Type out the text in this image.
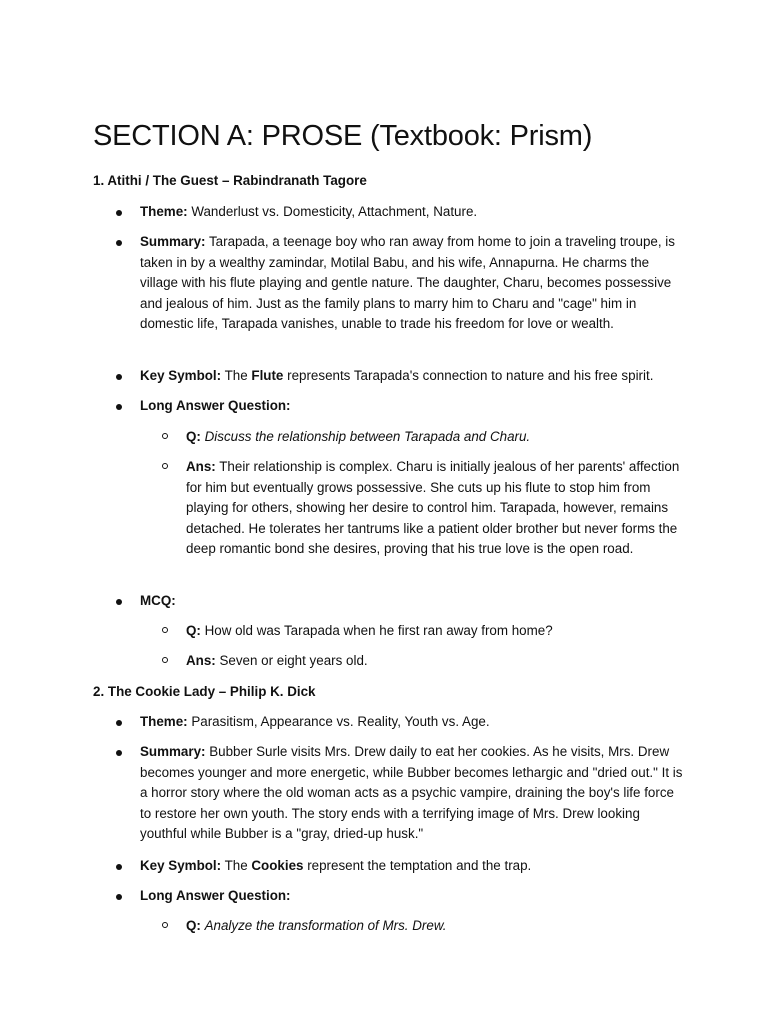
SECTION A: PROSE (Textbook: Prism)
1. Atithi / The Guest – Rabindranath Tagore
Theme: Wanderlust vs. Domesticity, Attachment, Nature.
Summary: Tarapada, a teenage boy who ran away from home to join a traveling troupe, is taken in by a wealthy zamindar, Motilal Babu, and his wife, Annapurna. He charms the village with his flute playing and gentle nature. The daughter, Charu, becomes possessive and jealous of him. Just as the family plans to marry him to Charu and "cage" him in domestic life, Tarapada vanishes, unable to trade his freedom for love or wealth.
Key Symbol: The Flute represents Tarapada's connection to nature and his free spirit.
Long Answer Question:
Q: Discuss the relationship between Tarapada and Charu.
Ans: Their relationship is complex. Charu is initially jealous of her parents' affection for him but eventually grows possessive. She cuts up his flute to stop him from playing for others, showing her desire to control him. Tarapada, however, remains detached. He tolerates her tantrums like a patient older brother but never forms the deep romantic bond she desires, proving that his true love is the open road.
MCQ:
Q: How old was Tarapada when he first ran away from home?
Ans: Seven or eight years old.
2. The Cookie Lady – Philip K. Dick
Theme: Parasitism, Appearance vs. Reality, Youth vs. Age.
Summary: Bubber Surle visits Mrs. Drew daily to eat her cookies. As he visits, Mrs. Drew becomes younger and more energetic, while Bubber becomes lethargic and "dried out." It is a horror story where the old woman acts as a psychic vampire, draining the boy's life force to restore her own youth. The story ends with a terrifying image of Mrs. Drew looking youthful while Bubber is a "gray, dried-up husk."
Key Symbol: The Cookies represent the temptation and the trap.
Long Answer Question:
Q: Analyze the transformation of Mrs. Drew.
